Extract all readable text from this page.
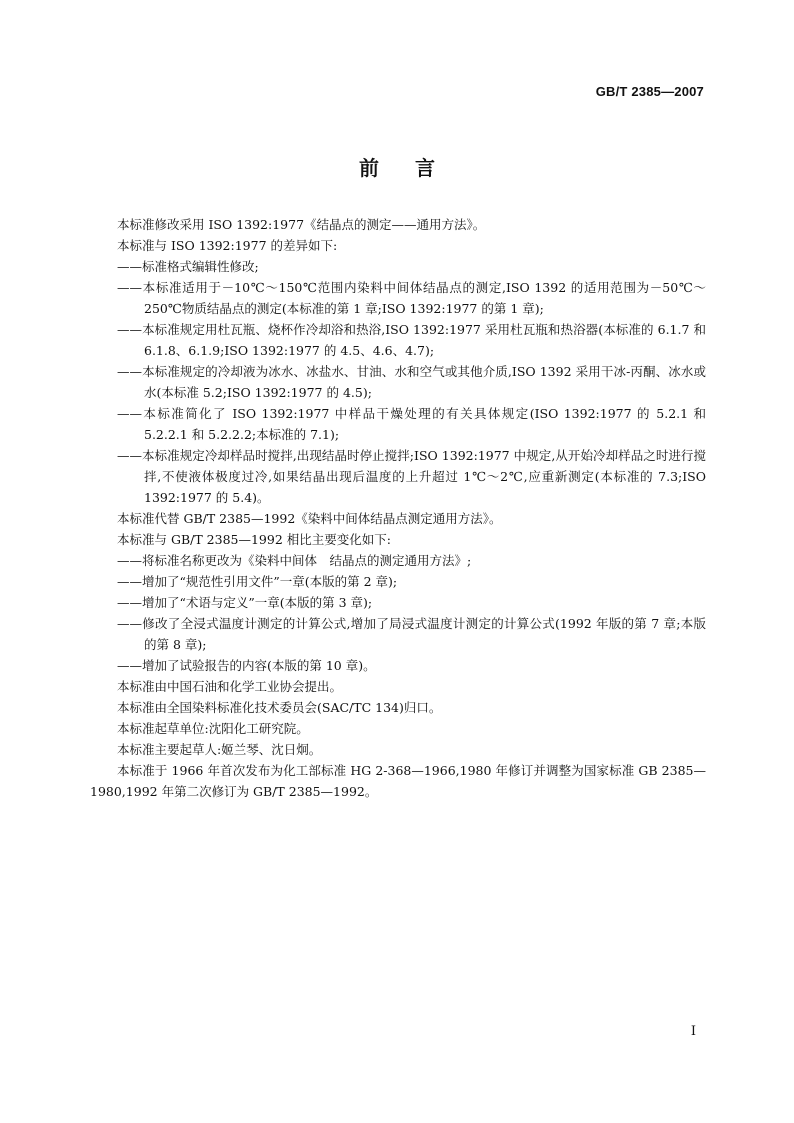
GB/T 2385—2007
前 言

本标准修改采用 ISO 1392:1977《结晶点的测定——通用方法》。

本标准与 ISO 1392:1977 的差异如下:

——标准格式编辑性修改;

——本标准适用于－10℃～150℃范围内染料中间体结晶点的测定,ISO 1392 的适用范围为－50℃～250℃物质结晶点的测定(本标准的第 1 章;ISO 1392:1977 的第 1 章);

——本标准规定用杜瓦瓶、烧杯作冷却浴和热浴,ISO 1392:1977 采用杜瓦瓶和热浴器(本标准的 6.1.7 和 6.1.8、6.1.9;ISO 1392:1977 的 4.5、4.6、4.7);

——本标准规定的冷却液为冰水、冰盐水、甘油、水和空气或其他介质,ISO 1392 采用干冰-丙酮、冰水或水(本标准 5.2;ISO 1392:1977 的 4.5);

——本标准简化了 ISO 1392:1977 中样品干燥处理的有关具体规定(ISO 1392:1977 的 5.2.1 和 5.2.2.1 和 5.2.2.2;本标准的 7.1);

——本标准规定冷却样品时搅拌,出现结晶时停止搅拌;ISO 1392:1977 中规定,从开始冷却样品之时进行搅拌,不使液体极度过冷,如果结晶出现后温度的上升超过 1℃～2℃,应重新测定(本标准的 7.3;ISO 1392:1977 的 5.4)。

本标准代替 GB/T 2385—1992《染料中间体结晶点测定通用方法》。

本标准与 GB/T 2385—1992 相比主要变化如下:

——将标准名称更改为《染料中间体　结晶点的测定通用方法》;

——增加了“规范性引用文件”一章(本版的第 2 章);

——增加了“术语与定义”一章(本版的第 3 章);

——修改了全浸式温度计测定的计算公式,增加了局浸式温度计测定的计算公式(1992 年版的第 7 章;本版的第 8 章);

——增加了试验报告的内容(本版的第 10 章)。

本标准由中国石油和化学工业协会提出。

本标准由全国染料标准化技术委员会(SAC/TC 134)归口。

本标准起草单位:沈阳化工研究院。

本标准主要起草人:姬兰琴、沈日炯。

本标准于 1966 年首次发布为化工部标准 HG 2-368—1966,1980 年修订并调整为国家标准 GB 2385—1980,1992 年第二次修订为 GB/T 2385—1992。

I
